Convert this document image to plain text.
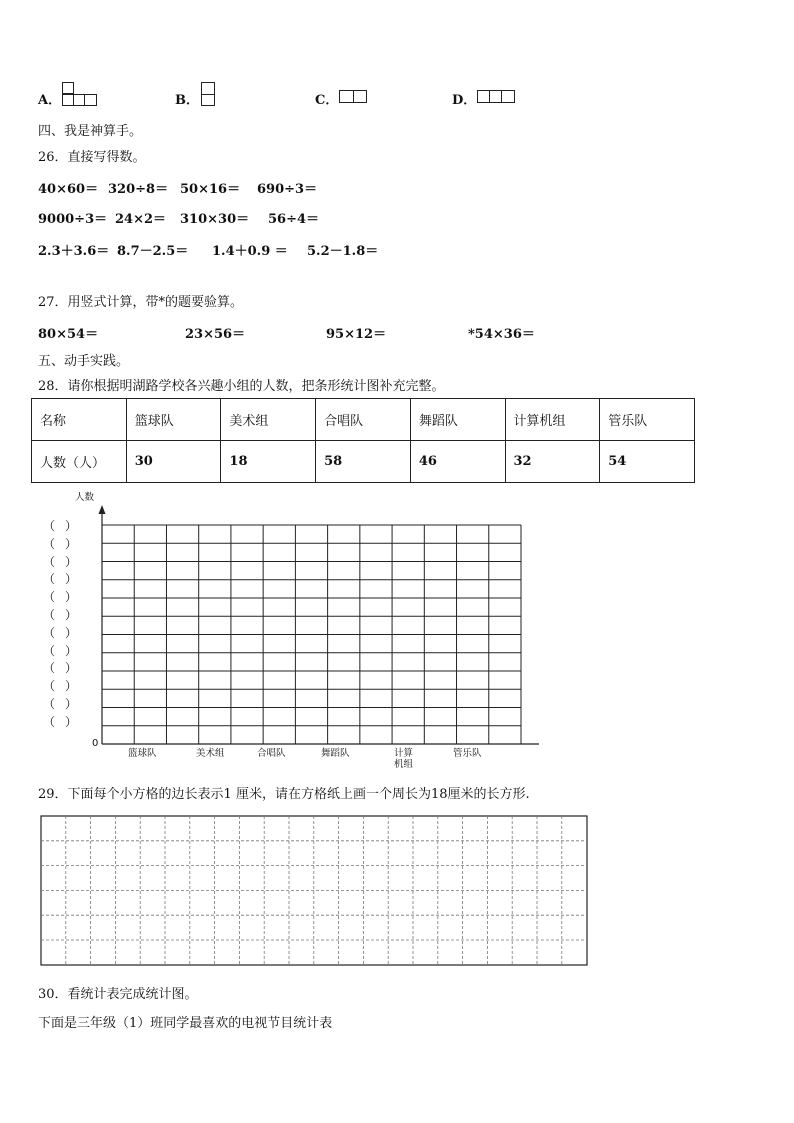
A．	B．	C．	D．
四、我是神算手。
26．直接写得数。
40×60＝ 320÷8＝ 50×16＝ 690÷3＝
9000÷3＝ 24×2＝ 310×30＝ 56÷4＝
2.3＋3.6＝ 8.7－2.5＝ 1.4＋0.9 ＝ 5.2－1.8＝
27．用竖式计算，带*的题要验算。
80×54＝	23×56＝	95×12＝	*54×36＝
五、动手实践。
28．请你根据明湖路学校各兴趣小组的人数，把条形统计图补充完整。
名称	篮球队	美术组	合唱队	舞蹈队	计算机组	管乐队
人数（人）	30	18	58	46	32	54
人数
0
（ ）
（ ）
（ ）
（ ）
（ ）
（ ）
（ ）
（ ）
（ ）
（ ）
（ ）
（ ）
篮球队	美术组	合唱队	舞蹈队	计算
机组
管乐队
29．下面每个小方格的边长表示1 厘米，请在方格纸上画一个周长为18厘米的长方形.
30．看统计表完成统计图。
下面是三年级（1）班同学最喜欢的电视节目统计表
